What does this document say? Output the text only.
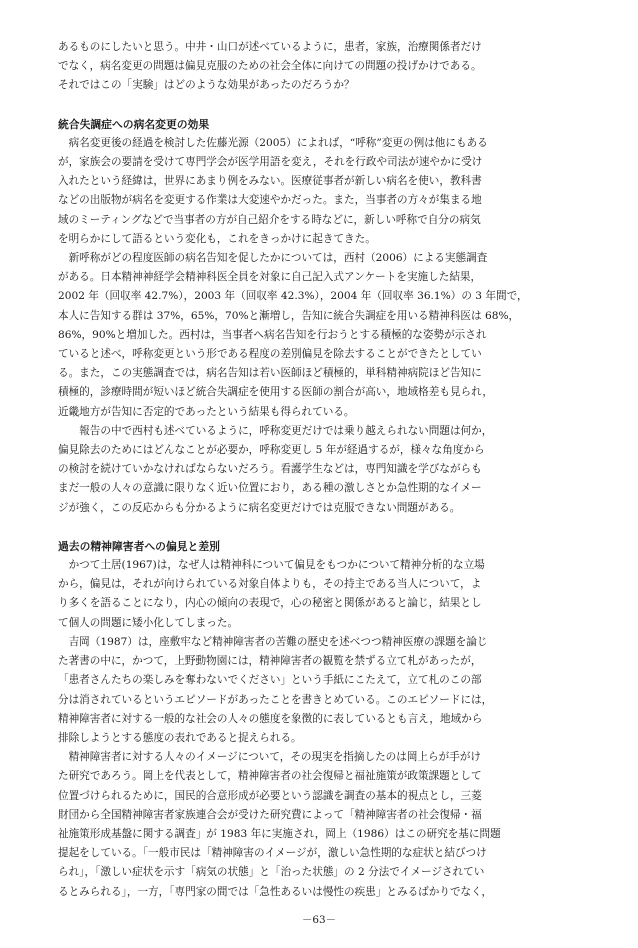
あるものにしたいと思う。中井・山口が述べているように，患者，家族，治療関係者だけ

でなく，病名変更の問題は偏見克服のための社会全体に向けての問題の投げかけである。

それではこの「実験」はどのような効果があったのだろうか？

統合失調症への病名変更の効果

　病名変更後の経過を検討した佐藤光源（2005）によれば，“呼称”変更の例は他にもある

が，家族会の要請を受けて専門学会が医学用語を変え，それを行政や司法が速やかに受け

入れたという経緯は，世界にあまり例をみない。医療従事者が新しい病名を使い，教科書

などの出版物が病名を変更する作業は大変速やかだった。また，当事者の方々が集まる地

域のミーティングなどで当事者の方が自己紹介をする時などに，新しい呼称で自分の病気

を明らかにして語るという変化も，これをきっかけに起きてきた。

　新呼称がどの程度医師の病名告知を促したかについては，西村（2006）による実態調査

がある。日本精神神経学会精神科医全員を対象に自己記入式アンケートを実施した結果，

2002 年（回収率 42.7%），2003 年（回収率 42.3%），2004 年（回収率 36.1%）の 3 年間で，

本人に告知する群は 37%，65%，70%と漸増し，告知に統合失調症を用いる精神科医は 68%，

86%，90%と増加した。西村は，当事者へ病名告知を行おうとする積極的な姿勢が示され

ていると述べ，呼称変更という形である程度の差別偏見を除去することができたとしてい

る。また，この実態調査では，病名告知は若い医師ほど積極的，単科精神病院ほど告知に

積極的，診療時間が短いほど統合失調症を使用する医師の割合が高い，地域格差も見られ，

近畿地方が告知に否定的であったという結果も得られている。

　　報告の中で西村も述べているように，呼称変更だけでは乗り越えられない問題は何か，

偏見除去のためにはどんなことが必要か，呼称変更し 5 年が経過するが，様々な角度から

の検討を続けていかなければならないだろう。看護学生などは，専門知識を学びながらも

まだ一般の人々の意識に限りなく近い位置におり，ある種の激しさとか急性期的なイメー

ジが強く，この反応からも分かるように病名変更だけでは克服できない問題がある。

過去の精神障害者への偏見と差別

　かつて土居(1967)は，なぜ人は精神科について偏見をもつかについて精神分析的な立場

から，偏見は，それが向けられている対象自体よりも，その持主である当人について，よ

り多くを語ることになり，内心の傾向の表現で，心の秘密と関係があると論じ，結果とし

て個人の問題に矮小化してしまった。

　吉岡（1987）は，座敷牢など精神障害者の苦難の歴史を述べつつ精神医療の課題を論じ

た著書の中に，かつて，上野動物園には，精神障害者の観覧を禁ずる立て札があったが，

「患者さんたちの楽しみを奪わないでください」という手紙にこたえて，立て札のこの部

分は消されているというエピソードがあったことを書きとめている。このエピソードには，

精神障害者に対する一般的な社会の人々の態度を象徴的に表しているとも言え，地域から

排除しようとする態度の表れであると捉えられる。

　精神障害者に対する人々のイメージについて，その現実を指摘したのは岡上らが手がけ

た研究であろう。岡上を代表として，精神障害者の社会復帰と福祉施策が政策課題として

位置づけられるために，国民的合意形成が必要という認識を調査の基本的視点とし，三菱

財団から全国精神障害者家族連合会が受けた研究費によって「精神障害者の社会復帰・福

祉施策形成基盤に関する調査」が 1983 年に実施され，岡上（1986）はこの研究を基に問題

提起をしている。「一般市民は「精神障害のイメージが，激しい急性期的な症状と結びつけ

られ」，「激しい症状を示す「病気の状態」と「治った状態」の 2 分法でイメージされてい

るとみられる」，一方，「専門家の間では「急性あるいは慢性の疾患」とみるばかりでなく，

－63－
